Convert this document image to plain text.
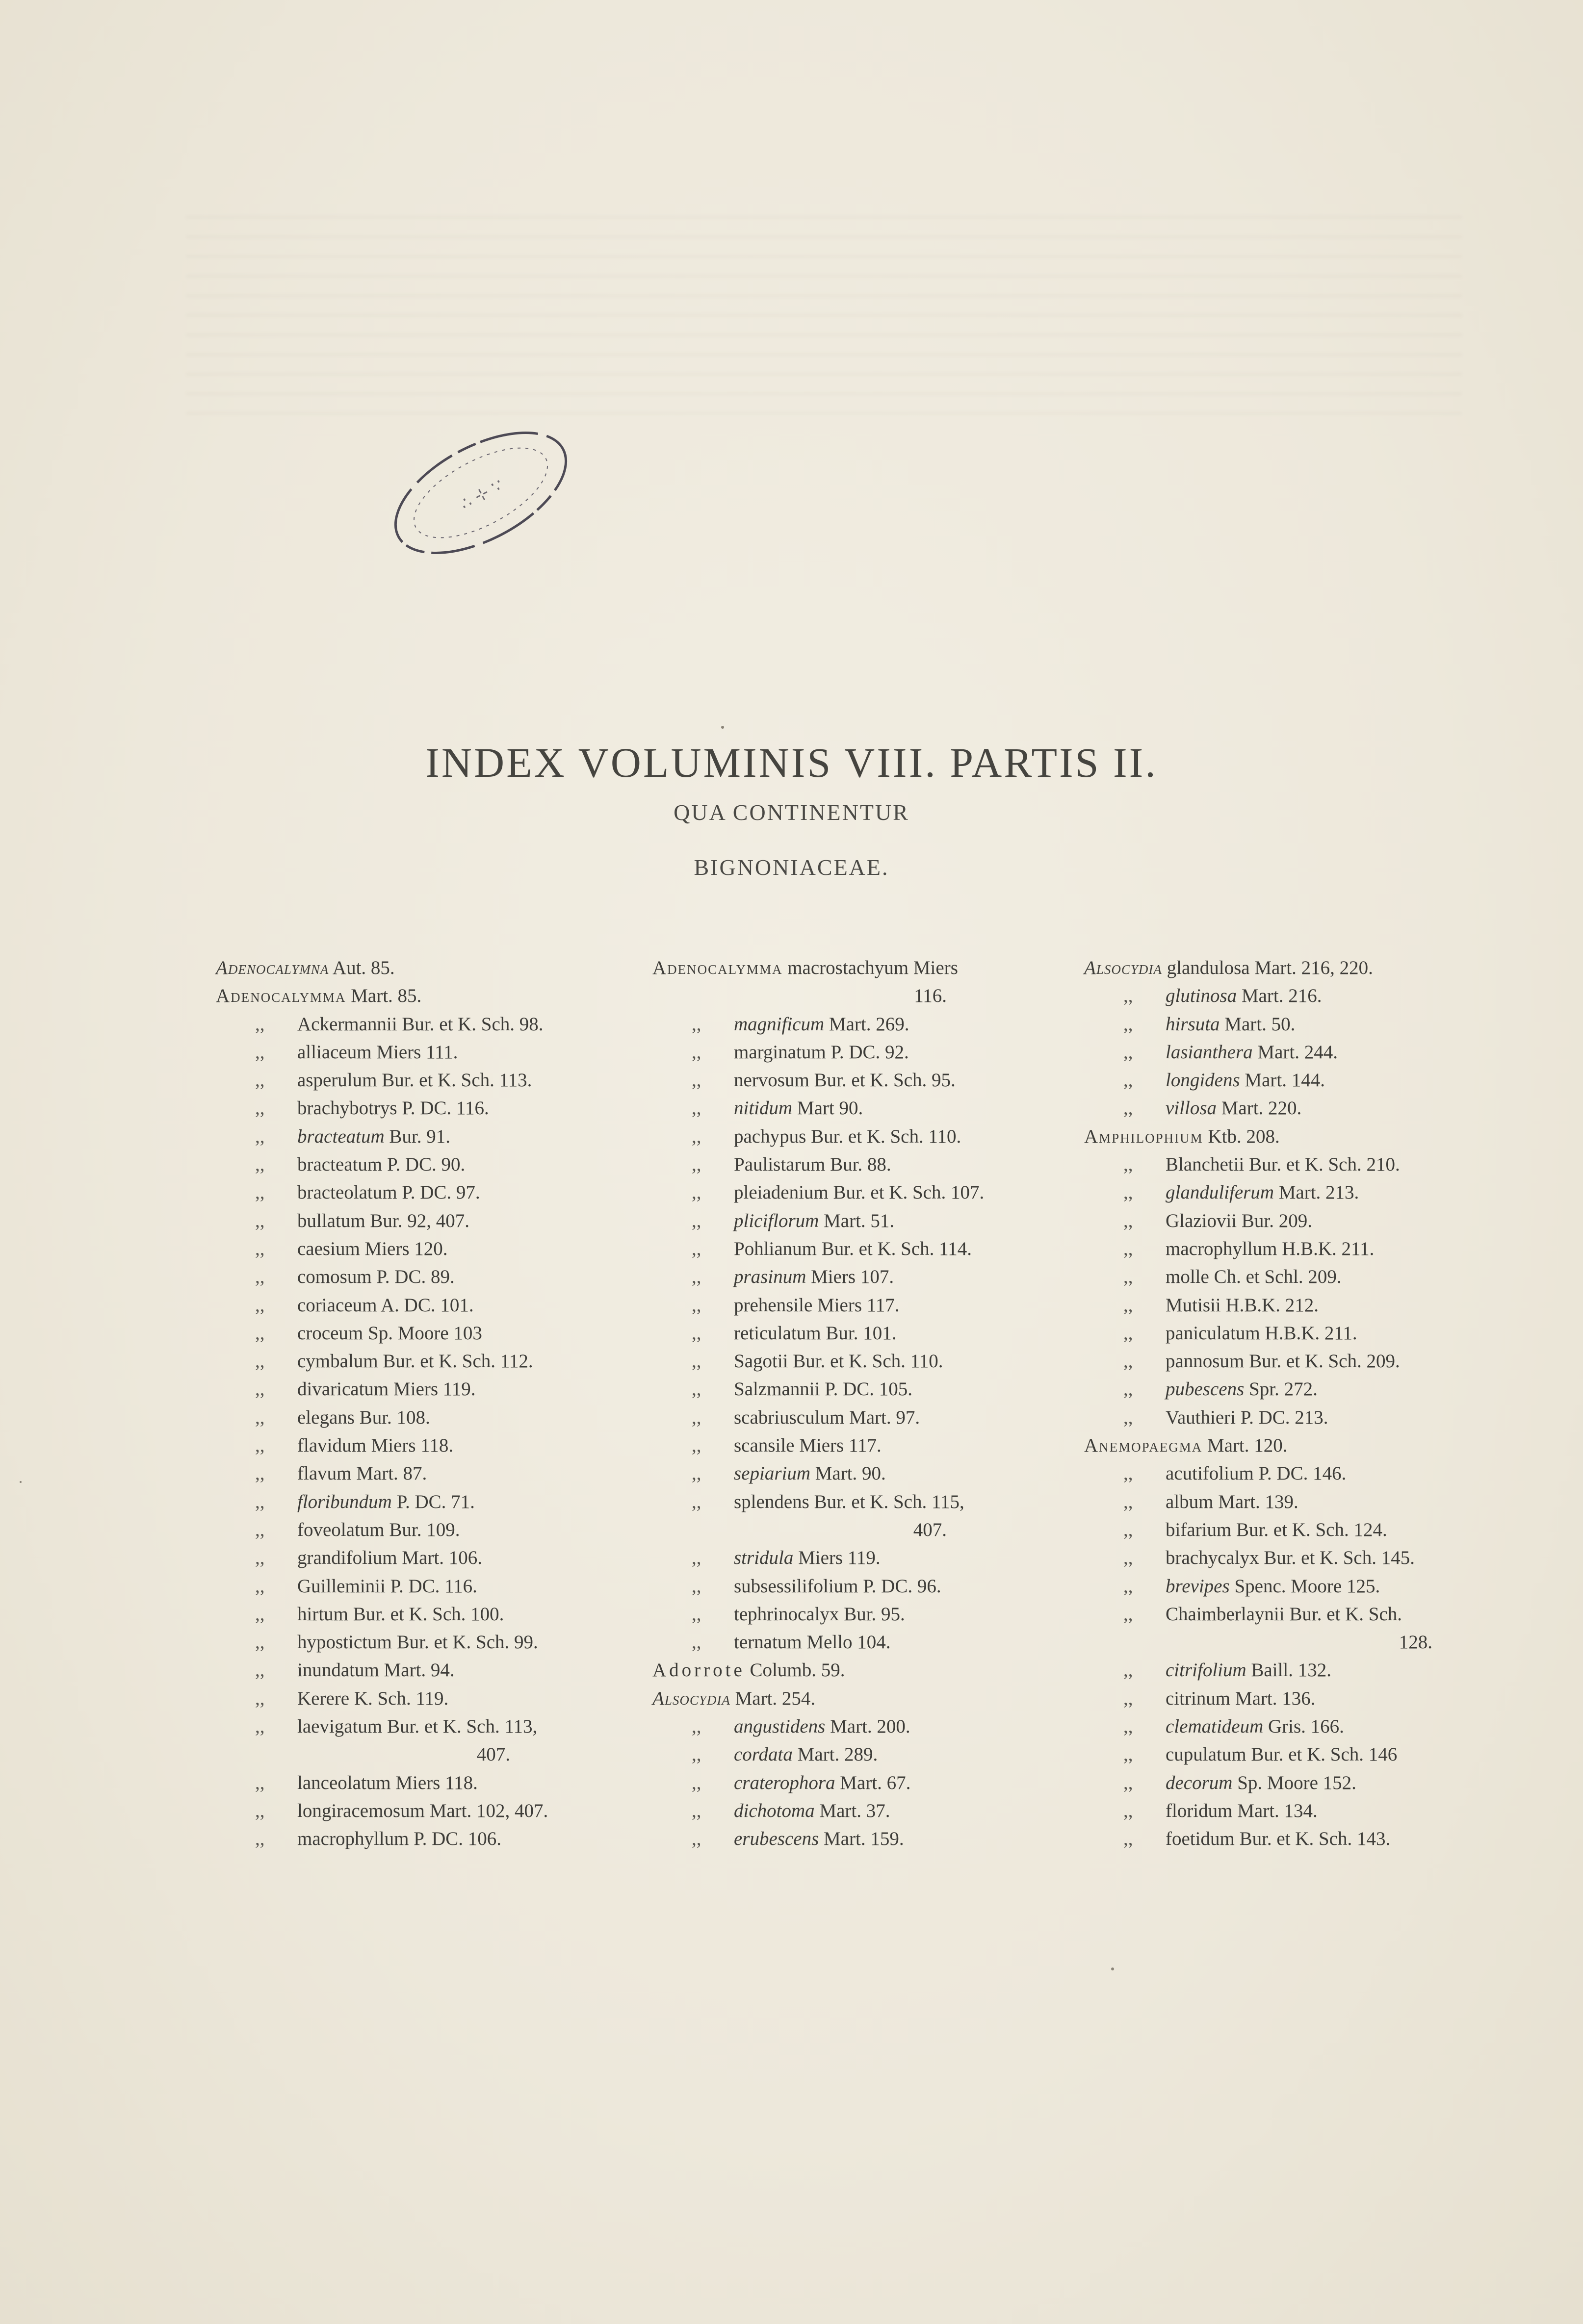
∴ ⊹ ∵
INDEX VOLUMINIS VIII. PARTIS II.
QUA CONTINENTUR
BIGNONIACEAE.
Adenocalymna Aut. 85.
Adenocalymma Mart. 85.
,, Ackermannii Bur. et K. Sch. 98.
,, alliaceum Miers 111.
,, asperulum Bur. et K. Sch. 113.
,, brachybotrys P. DC. 116.
,, bracteatum Bur. 91.
,, bracteatum P. DC. 90.
,, bracteolatum P. DC. 97.
,, bullatum Bur. 92, 407.
,, caesium Miers 120.
,, comosum P. DC. 89.
,, coriaceum A. DC. 101.
,, croceum Sp. Moore 103
,, cymbalum Bur. et K. Sch. 112.
,, divaricatum Miers 119.
,, elegans Bur. 108.
,, flavidum Miers 118.
,, flavum Mart. 87.
,, floribundum P. DC. 71.
,, foveolatum Bur. 109.
,, grandifolium Mart. 106.
,, Guilleminii P. DC. 116.
,, hirtum Bur. et K. Sch. 100.
,, hypostictum Bur. et K. Sch. 99.
,, inundatum Mart. 94.
,, Kerere K. Sch. 119.
,, laevigatum Bur. et K. Sch. 113,
407.
,, lanceolatum Miers 118.
,, longiracemosum Mart. 102, 407.
,, macrophyllum P. DC. 106.
Adenocalymma macrostachyum Miers
116.
,, magnificum Mart. 269.
,, marginatum P. DC. 92.
,, nervosum Bur. et K. Sch. 95.
,, nitidum Mart 90.
,, pachypus Bur. et K. Sch. 110.
,, Paulistarum Bur. 88.
,, pleiadenium Bur. et K. Sch. 107.
,, pliciflorum Mart. 51.
,, Pohlianum Bur. et K. Sch. 114.
,, prasinum Miers 107.
,, prehensile Miers 117.
,, reticulatum Bur. 101.
,, Sagotii Bur. et K. Sch. 110.
,, Salzmannii P. DC. 105.
,, scabriusculum Mart. 97.
,, scansile Miers 117.
,, sepiarium Mart. 90.
,, splendens Bur. et K. Sch. 115,
407.
,, stridula Miers 119.
,, subsessilifolium P. DC. 96.
,, tephrinocalyx Bur. 95.
,, ternatum Mello 104.
Adorrote Columb. 59.
Alsocydia Mart. 254.
,, angustidens Mart. 200.
,, cordata Mart. 289.
,, craterophora Mart. 67.
,, dichotoma Mart. 37.
,, erubescens Mart. 159.
Alsocydia glandulosa Mart. 216, 220.
,, glutinosa Mart. 216.
,, hirsuta Mart. 50.
,, lasianthera Mart. 244.
,, longidens Mart. 144.
,, villosa Mart. 220.
Amphilophium Ktb. 208.
,, Blanchetii Bur. et K. Sch. 210.
,, glanduliferum Mart. 213.
,, Glaziovii Bur. 209.
,, macrophyllum H.B.K. 211.
,, molle Ch. et Schl. 209.
,, Mutisii H.B.K. 212.
,, paniculatum H.B.K. 211.
,, pannosum Bur. et K. Sch. 209.
,, pubescens Spr. 272.
,, Vauthieri P. DC. 213.
Anemopaegma Mart. 120.
,, acutifolium P. DC. 146.
,, album Mart. 139.
,, bifarium Bur. et K. Sch. 124.
,, brachycalyx Bur. et K. Sch. 145.
,, brevipes Spenc. Moore 125.
,, Chaimberlaynii Bur. et K. Sch.
128.
,, citrifolium Baill. 132.
,, citrinum Mart. 136.
,, clematideum Gris. 166.
,, cupulatum Bur. et K. Sch. 146
,, decorum Sp. Moore 152.
,, floridum Mart. 134.
,, foetidum Bur. et K. Sch. 143.
